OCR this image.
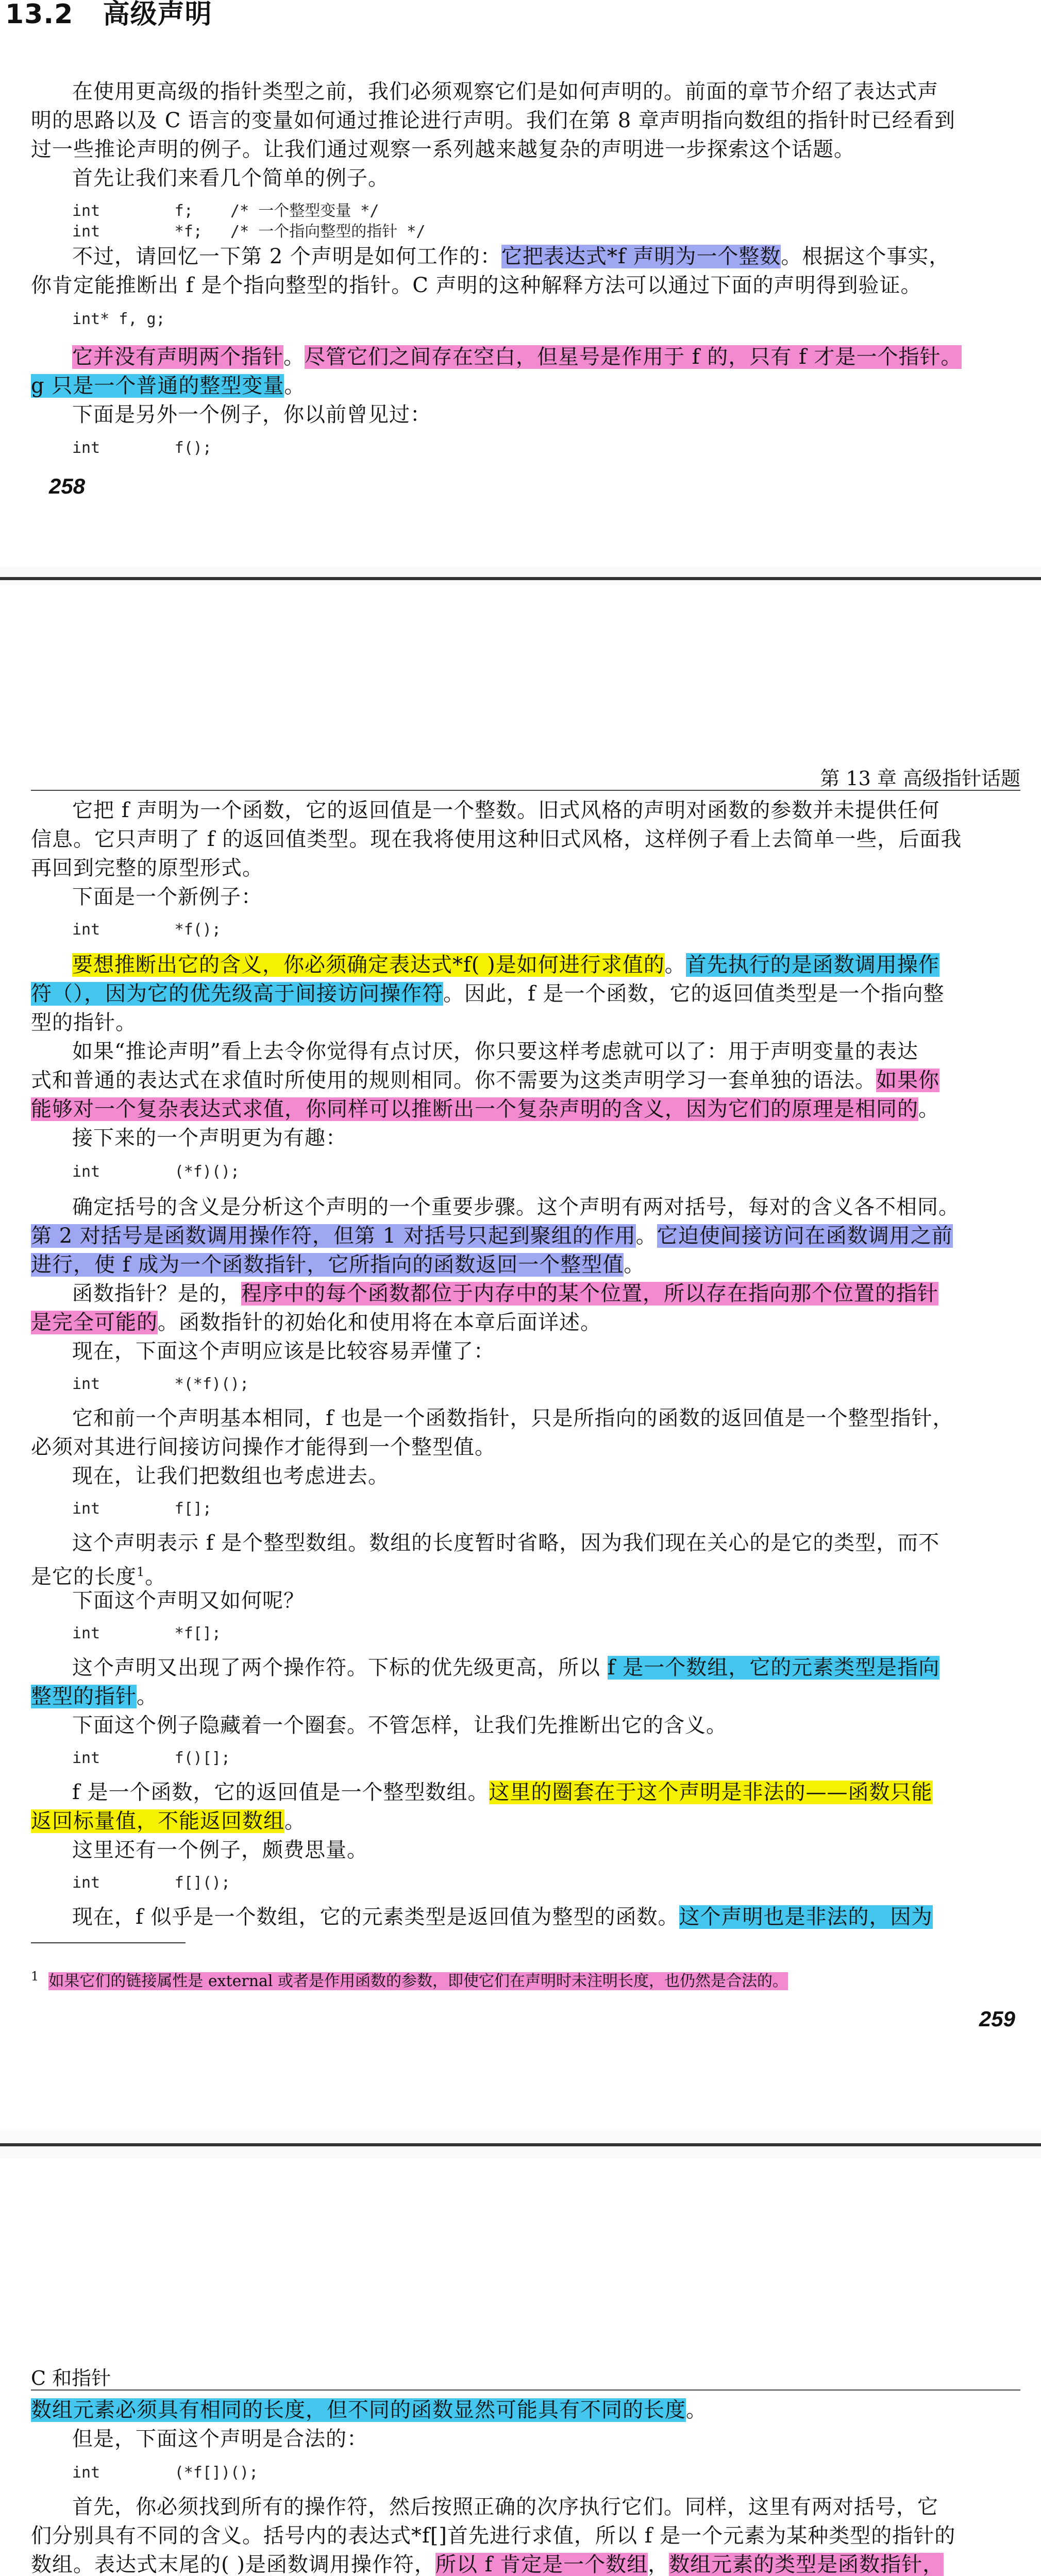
13.2 高级声明

在使用更高级的指针类型之前，我们必须观察它们是如何声明的。前面的章节介绍了表达式声

明的思路以及 C 语言的变量如何通过推论进行声明。我们在第 8 章声明指向数组的指针时已经看到

过一些推论声明的例子。让我们通过观察一系列越来越复杂的声明进一步探索这个话题。

首先让我们来看几个简单的例子。

int        f;    /* 一个整型变量 */
int        *f;   /* 一个指向整型的指针 */

不过，请回忆一下第 2 个声明是如何工作的：它把表达式*f 声明为一个整数。根据这个事实，

你肯定能推断出 f 是个指向整型的指针。C 声明的这种解释方法可以通过下面的声明得到验证。

int* f, g;

它并没有声明两个指针。尽管它们之间存在空白，但星号是作用于 f 的，只有 f 才是一个指针。

g 只是一个普通的整型变量。

下面是另外一个例子，你以前曾见过：

int        f();
258
第 13 章 高级指针话题

它把 f 声明为一个函数，它的返回值是一个整数。旧式风格的声明对函数的参数并未提供任何

信息。它只声明了 f 的返回值类型。现在我将使用这种旧式风格，这样例子看上去简单一些，后面我

再回到完整的原型形式。

下面是一个新例子：

int        *f();

要想推断出它的含义，你必须确定表达式*f( )是如何进行求值的。首先执行的是函数调用操作

符（），因为它的优先级高于间接访问操作符。因此，f 是一个函数，它的返回值类型是一个指向整

型的指针。

如果“推论声明”看上去令你觉得有点讨厌，你只要这样考虑就可以了：用于声明变量的表达

式和普通的表达式在求值时所使用的规则相同。你不需要为这类声明学习一套单独的语法。如果你

能够对一个复杂表达式求值，你同样可以推断出一个复杂声明的含义，因为它们的原理是相同的。

接下来的一个声明更为有趣：

int        (*f)();

确定括号的含义是分析这个声明的一个重要步骤。这个声明有两对括号，每对的含义各不相同。

第 2 对括号是函数调用操作符，但第 1 对括号只起到聚组的作用。它迫使间接访问在函数调用之前

进行，使 f 成为一个函数指针，它所指向的函数返回一个整型值。

函数指针？是的，程序中的每个函数都位于内存中的某个位置，所以存在指向那个位置的指针

是完全可能的。函数指针的初始化和使用将在本章后面详述。

现在，下面这个声明应该是比较容易弄懂了：

int        *(*f)();

它和前一个声明基本相同，f 也是一个函数指针，只是所指向的函数的返回值是一个整型指针，

必须对其进行间接访问操作才能得到一个整型值。

现在，让我们把数组也考虑进去。

int        f[];

这个声明表示 f 是个整型数组。数组的长度暂时省略，因为我们现在关心的是它的类型，而不

是它的长度$^1$。

下面这个声明又如何呢？

int        *f[];

这个声明又出现了两个操作符。下标的优先级更高，所以 f 是一个数组，它的元素类型是指向

整型的指针。

下面这个例子隐藏着一个圈套。不管怎样，让我们先推断出它的含义。

int        f()[];

f 是一个函数，它的返回值是一个整型数组。这里的圈套在于这个声明是非法的——函数只能

返回标量值，不能返回数组。

这里还有一个例子，颇费思量。

int        f[]();

现在，f 似乎是一个数组，它的元素类型是返回值为整型的函数。这个声明也是非法的，因为

$^1$ 如果它们的链接属性是 external 或者是作用函数的参数，即使它们在声明时未注明长度，也仍然是合法的。

259
C 和指针

数组元素必须具有相同的长度，但不同的函数显然可能具有不同的长度。

但是，下面这个声明是合法的：

int        (*f[])();

首先，你必须找到所有的操作符，然后按照正确的次序执行它们。同样，这里有两对括号，它

们分别具有不同的含义。括号内的表达式*f[]首先进行求值，所以 f 是一个元素为某种类型的指针的

数组。表达式末尾的( )是函数调用操作符，所以 f 肯定是一个数组，数组元素的类型是函数指针，
